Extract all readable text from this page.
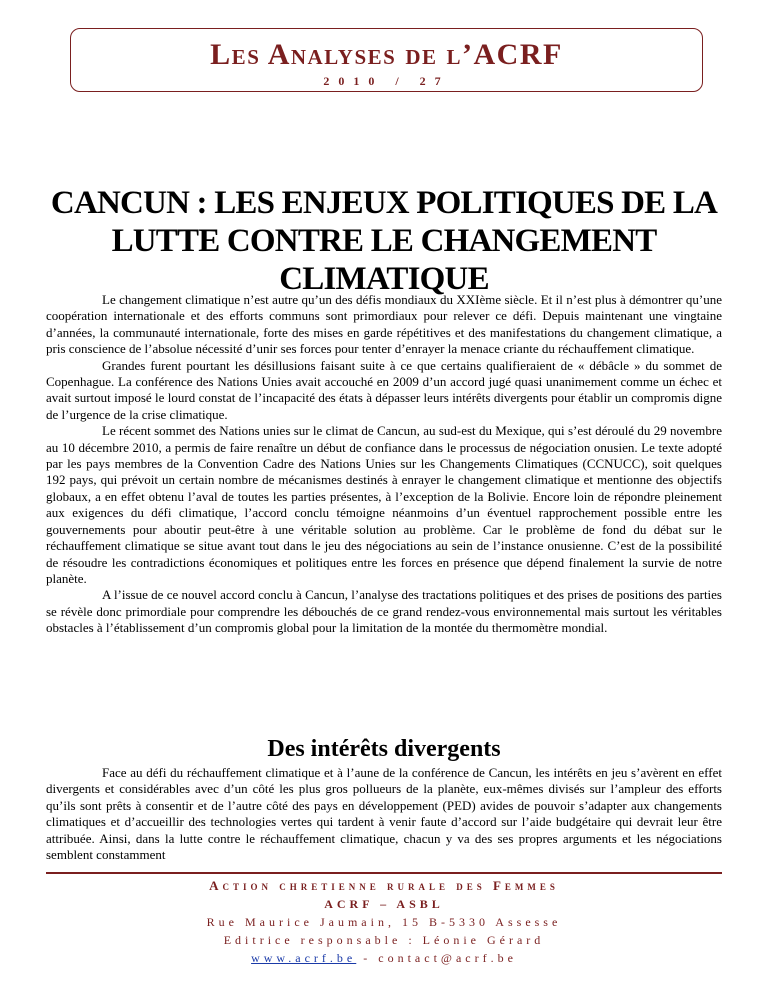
Les Analyses de l’ACRF
2010 / 27
CANCUN : LES ENJEUX POLITIQUES DE LA LUTTE CONTRE LE CHANGEMENT CLIMATIQUE

Le changement climatique n’est autre qu’un des défis mondiaux du XXIème siècle. Et il n’est plus à démontrer qu’une coopération internationale et des efforts communs sont primordiaux pour relever ce défi. Depuis maintenant une vingtaine d’années, la communauté internationale, forte des mises en garde répétitives et des manifestations du changement climatique, a pris conscience de l’absolue nécessité d’unir ses forces pour tenter d’enrayer la menace criante du réchauffement climatique.

Grandes furent pourtant les désillusions faisant suite à ce que certains qualifieraient de « débâcle » du sommet de Copenhague. La conférence des Nations Unies avait accouché en 2009 d’un accord jugé quasi unanimement comme un échec et avait surtout imposé le lourd constat de l’incapacité des états à dépasser leurs intérêts divergents pour établir un compromis digne de l’urgence de la crise climatique.

Le récent sommet des Nations unies sur le climat de Cancun, au sud-est du Mexique, qui s’est déroulé du 29 novembre au 10 décembre 2010, a permis de faire renaître un début de confiance dans le processus de négociation onusien. Le texte adopté par les pays membres de la Convention Cadre des Nations Unies sur les Changements Climatiques (CCNUCC), soit quelques 192 pays, qui prévoit un certain nombre de mécanismes destinés à enrayer le changement climatique et mentionne des objectifs globaux, a en effet obtenu l’aval de toutes les parties présentes, à l’exception de la Bolivie. Encore loin de répondre pleinement aux exigences du défi climatique, l’accord conclu témoigne néanmoins d’un éventuel rapprochement possible entre les gouvernements pour aboutir peut-être à une véritable solution au problème. Car le problème de fond du débat sur le réchauffement climatique se situe avant tout dans le jeu des négociations au sein de l’instance onusienne. C’est de la possibilité de résoudre les contradictions économiques et politiques entre les forces en présence que dépend finalement la survie de notre planète.

A l’issue de ce nouvel accord conclu à Cancun, l’analyse des tractations politiques et des prises de positions des parties se révèle donc primordiale pour comprendre les débouchés de ce grand rendez-vous environnemental mais surtout les véritables obstacles à l’établissement d’un compromis global pour la limitation de la montée du thermomètre mondial.

Des intérêts divergents

Face au défi du réchauffement climatique et à l’aune de la conférence de Cancun, les intérêts en jeu s’avèrent en effet divergents et considérables avec d’un côté les plus gros pollueurs de la planète, eux-mêmes divisés sur l’ampleur des efforts qu’ils sont prêts à consentir et de l’autre côté des pays en développement (PED) avides de pouvoir s’adapter aux changements climatiques et d’accueillir des technologies vertes qui tardent à venir faute d’accord sur l’aide budgétaire qui devrait leur être attribuée. Ainsi, dans la lutte contre le réchauffement climatique, chacun y va des ses propres arguments et les négociations semblent constamment

Action chretienne rurale des Femmes
ACRF – ASBL
Rue Maurice Jaumain, 15 B-5330 Assesse
Editrice responsable : Léonie Gérard
www.acrf.be - contact@acrf.be
